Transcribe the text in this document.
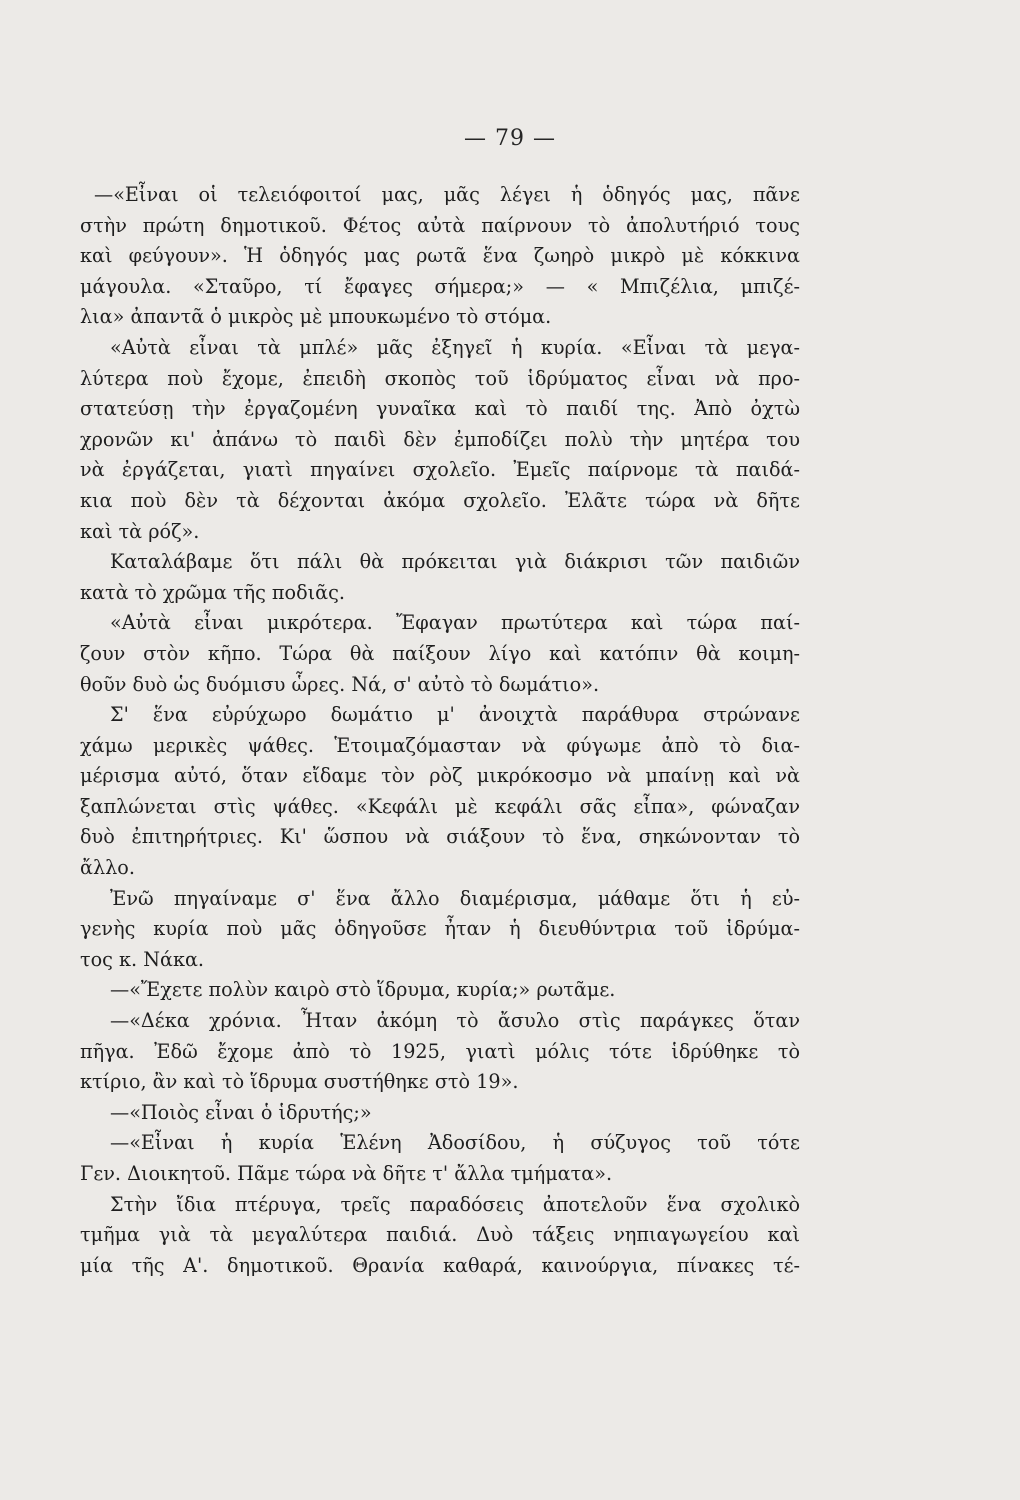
— 79 —
—«Εἶναι οἱ τελειόφοιτοί μας, μᾶς λέγει ἡ ὁδηγός μας, πᾶνε
στὴν πρώτη δημοτικοῦ. Φέτος αὐτὰ παίρνουν τὸ ἀπολυτήριό τους
καὶ φεύγουν». Ἡ ὁδηγός μας ρωτᾶ ἕνα ζωηρὸ μικρὸ μὲ κόκκινα
μάγουλα. «Σταῦρο, τί ἔφαγες σήμερα;» — « Μπιζέλια, μπιζέ-
λια» ἀπαντᾶ ὁ μικρὸς μὲ μπουκωμένο τὸ στόμα.
«Αὐτὰ εἶναι τὰ μπλέ» μᾶς ἐξηγεῖ ἡ κυρία. «Εἶναι τὰ μεγα-
λύτερα ποὺ ἔχομε, ἐπειδὴ σκοπὸς τοῦ ἱδρύματος εἶναι νὰ προ-
στατεύσῃ τὴν ἐργαζομένη γυναῖκα καὶ τὸ παιδί της. Ἀπὸ ὀχτὼ
χρονῶν κι' ἀπάνω τὸ παιδὶ δὲν ἐμποδίζει πολὺ τὴν μητέρα του
νὰ ἐργάζεται, γιατὶ πηγαίνει σχολεῖο. Ἐμεῖς παίρνομε τὰ παιδά-
κια ποὺ δὲν τὰ δέχονται ἀκόμα σχολεῖο. Ἐλᾶτε τώρα νὰ δῆτε
καὶ τὰ ρόζ».
Καταλάβαμε ὅτι πάλι θὰ πρόκειται γιὰ διάκρισι τῶν παιδιῶν
κατὰ τὸ χρῶμα τῆς ποδιᾶς.
«Αὐτὰ εἶναι μικρότερα. Ἔφαγαν πρωτύτερα καὶ τώρα παί-
ζουν στὸν κῆπο. Τώρα θὰ παίξουν λίγο καὶ κατόπιν θὰ κοιμη-
θοῦν δυὸ ὡς δυόμισυ ὧρες. Νά, σ' αὐτὸ τὸ δωμάτιο».
Σ' ἕνα εὐρύχωρο δωμάτιο μ' ἀνοιχτὰ παράθυρα στρώνανε
χάμω μερικὲς ψάθες. Ἑτοιμαζόμασταν νὰ φύγωμε ἀπὸ τὸ δια-
μέρισμα αὐτό, ὅταν εἴδαμε τὸν ρὸζ μικρόκοσμο νὰ μπαίνῃ καὶ νὰ
ξαπλώνεται στὶς ψάθες. «Κεφάλι μὲ κεφάλι σᾶς εἶπα», φώναζαν
δυὸ ἐπιτηρήτριες. Κι' ὥσπου νὰ σιάξουν τὸ ἕνα, σηκώνονταν τὸ
ἄλλο.
Ἐνῶ πηγαίναμε σ' ἕνα ἄλλο διαμέρισμα, μάθαμε ὅτι ἡ εὐ-
γενὴς κυρία ποὺ μᾶς ὁδηγοῦσε ἦταν ἡ διευθύντρια τοῦ ἱδρύμα-
τος κ. Νάκα.
—«Ἔχετε πολὺν καιρὸ στὸ ἵδρυμα, κυρία;» ρωτᾶμε.
—«Δέκα χρόνια. Ἦταν ἀκόμη τὸ ἄσυλο στὶς παράγκες ὅταν
πῆγα. Ἐδῶ ἔχομε ἀπὸ τὸ 1925, γιατὶ μόλις τότε ἱδρύθηκε τὸ
κτίριο, ἂν καὶ τὸ ἵδρυμα συστήθηκε στὸ 19».
—«Ποιὸς εἶναι ὁ ἱδρυτής;»
—«Εἶναι ἡ κυρία Ἑλένη Ἀδοσίδου, ἡ σύζυγος τοῦ τότε
Γεν. Διοικητοῦ. Πᾶμε τώρα νὰ δῆτε τ' ἄλλα τμήματα».
Στὴν ἴδια πτέρυγα, τρεῖς παραδόσεις ἀποτελοῦν ἕνα σχολικὸ
τμῆμα γιὰ τὰ μεγαλύτερα παιδιά. Δυὸ τάξεις νηπιαγωγείου καὶ
μία τῆς Α'. δημοτικοῦ. Θρανία καθαρά, καινούργια, πίνακες τέ-
